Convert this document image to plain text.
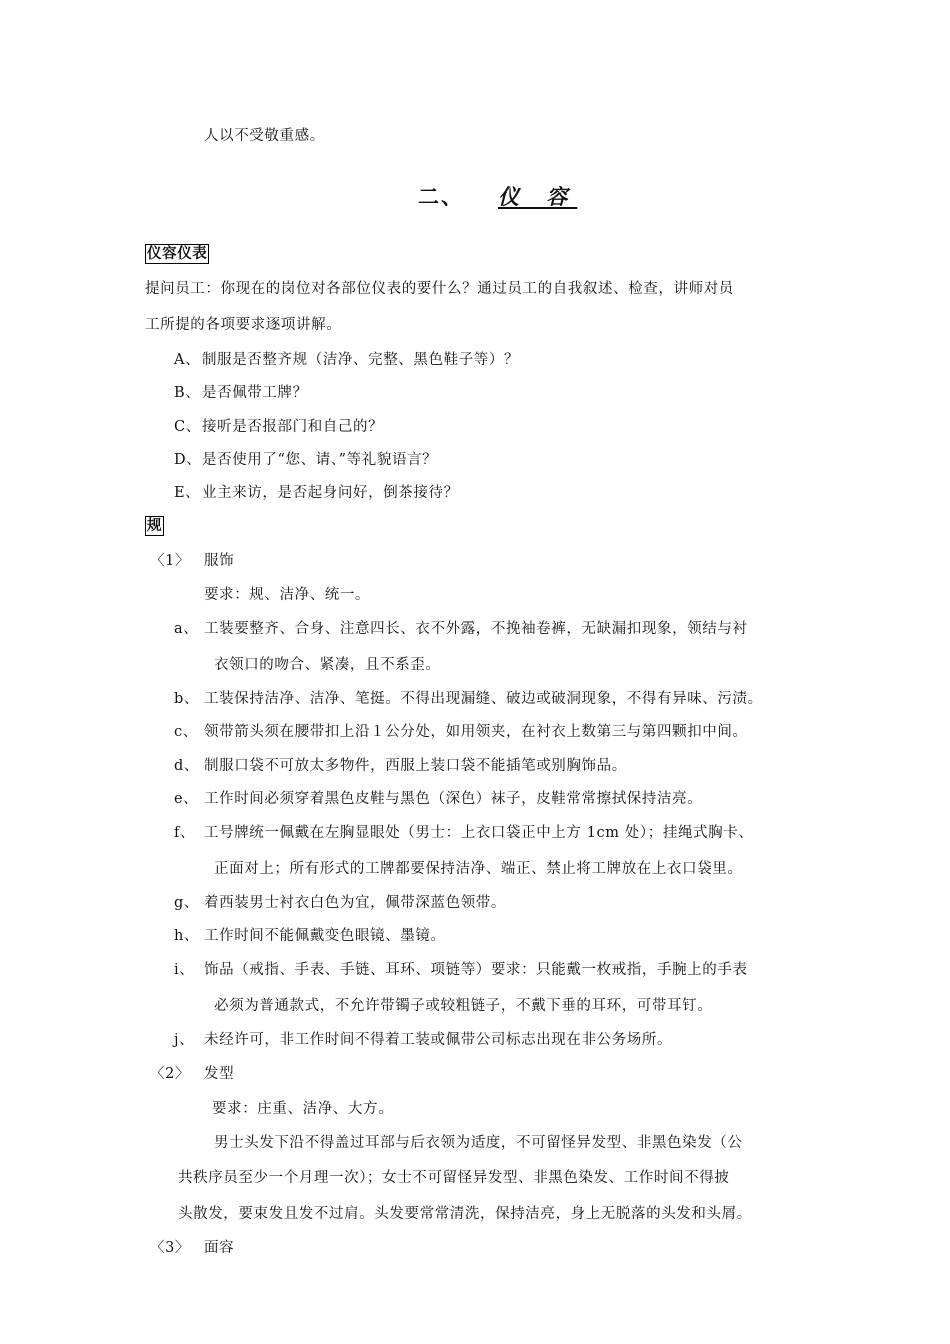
人以不受敬重感。
二、 仪 容
仪容仪表
提问员工：你现在的岗位对各部位仪表的要什么？通过员工的自我叙述、检查，讲师对员
工所提的各项要求逐项讲解。
A、 制服是否整齐规（洁净、完整、黑色鞋子等）？
B、 是否佩带工牌？
C、接听是否报部门和自己的？
D、是否使用了“您、请、”等礼貌语言？
E、 业主来访，是否起身问好，倒茶接待？
规
〈1〉 服饰
要求：规、洁净、统一。
a、 工装要整齐、合身、注意四长、衣不外露，不挽袖卷裤，无缺漏扣现象，领结与衬
衣领口的吻合、紧凑，且不系歪。
b、 工装保持洁净、洁净、笔挺。不得出现漏缝、破边或破洞现象，不得有异味、污渍。
c、 领带箭头须在腰带扣上沿１公分处，如用领夹，在衬衣上数第三与第四颗扣中间。
d、 制服口袋不可放太多物件，西服上装口袋不能插笔或别胸饰品。
e、 工作时间必须穿着黑色皮鞋与黑色（深色）袜子，皮鞋常常擦拭保持洁亮。
f、 工号牌统一佩戴在左胸显眼处（男士：上衣口袋正中上方 1cm 处）；挂绳式胸卡、
正面对上；所有形式的工牌都要保持洁净、端正、禁止将工牌放在上衣口袋里。
g、 着西装男士衬衣白色为宜，佩带深蓝色领带。
h、 工作时间不能佩戴变色眼镜、墨镜。
i、 饰品（戒指、手表、手链、耳环、项链等）要求：只能戴一枚戒指，手腕上的手表
必须为普通款式，不允许带镯子或较粗链子，不戴下垂的耳环，可带耳钉。
j、 未经许可，非工作时间不得着工装或佩带公司标志出现在非公务场所。
〈2〉 发型
要求：庄重、洁净、大方。
男士头发下沿不得盖过耳部与后衣领为适度，不可留怪异发型、非黑色染发（公
共秩序员至少一个月理一次）；女士不可留怪异发型、非黑色染发、工作时间不得披
头散发，要束发且发不过肩。头发要常常清洗，保持洁亮，身上无脱落的头发和头屑。
〈3〉 面容
